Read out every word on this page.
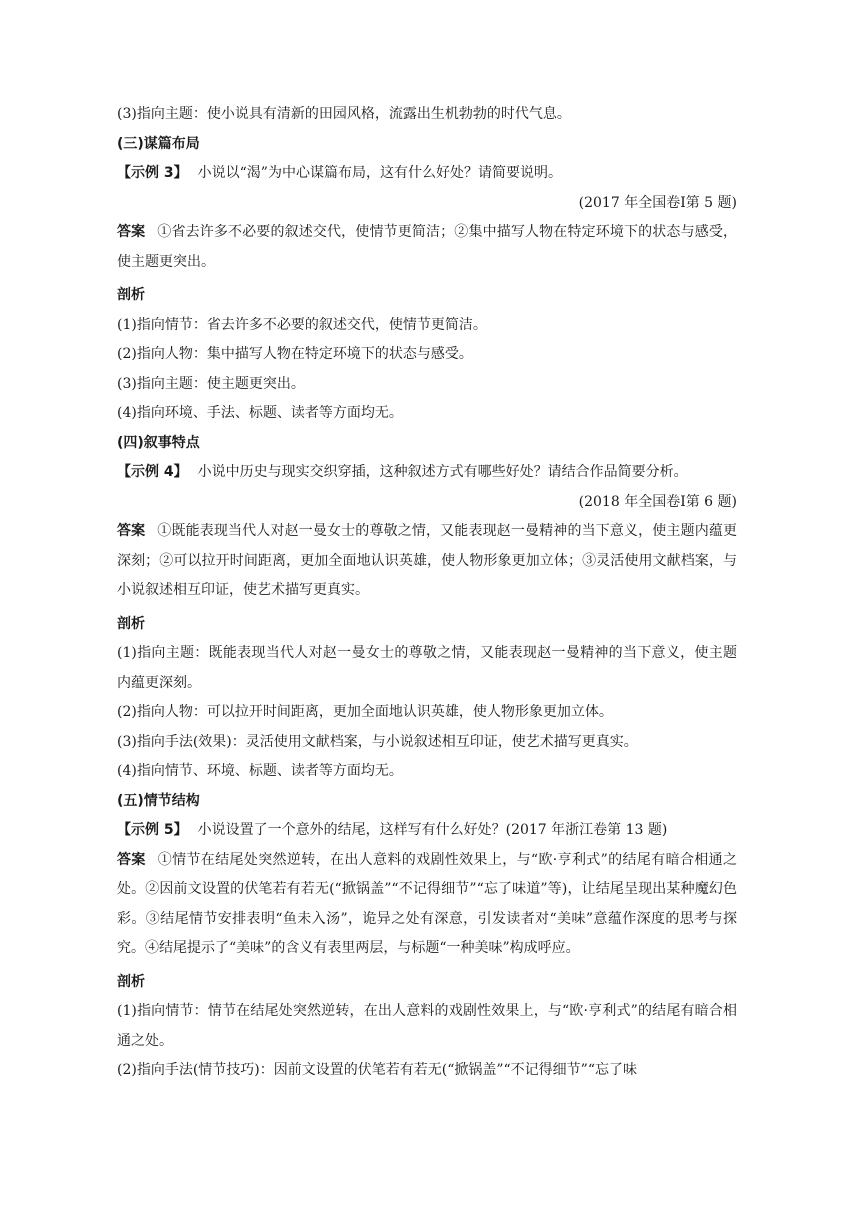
(3)指向主题：使小说具有清新的田园风格，流露出生机勃勃的时代气息。
(三)谋篇布局
【示例 3】 小说以“渴”为中心谋篇布局，这有什么好处？请简要说明。
(2017 年全国卷Ⅰ第 5 题)
答案 ①省去许多不必要的叙述交代，使情节更简洁；②集中描写人物在特定环境下的状态与感受，使主题更突出。
剖析
(1)指向情节：省去许多不必要的叙述交代，使情节更简洁。
(2)指向人物：集中描写人物在特定环境下的状态与感受。
(3)指向主题：使主题更突出。
(4)指向环境、手法、标题、读者等方面均无。
(四)叙事特点
【示例 4】 小说中历史与现实交织穿插，这种叙述方式有哪些好处？请结合作品简要分析。
(2018 年全国卷Ⅰ第 6 题)
答案 ①既能表现当代人对赵一曼女士的尊敬之情，又能表现赵一曼精神的当下意义，使主题内蕴更深刻；②可以拉开时间距离，更加全面地认识英雄，使人物形象更加立体；③灵活使用文献档案，与小说叙述相互印证，使艺术描写更真实。
剖析
(1)指向主题：既能表现当代人对赵一曼女士的尊敬之情，又能表现赵一曼精神的当下意义，使主题内蕴更深刻。
(2)指向人物：可以拉开时间距离，更加全面地认识英雄，使人物形象更加立体。
(3)指向手法(效果)：灵活使用文献档案，与小说叙述相互印证，使艺术描写更真实。
(4)指向情节、环境、标题、读者等方面均无。
(五)情节结构
【示例 5】 小说设置了一个意外的结尾，这样写有什么好处？(2017 年浙江卷第 13 题)
答案 ①情节在结尾处突然逆转，在出人意料的戏剧性效果上，与“欧·亨利式”的结尾有暗合相通之处。②因前文设置的伏笔若有若无(“掀锅盖”“不记得细节”“忘了味道”等)，让结尾呈现出某种魔幻色彩。③结尾情节安排表明“鱼未入汤”，诡异之处有深意，引发读者对“美味”意蕴作深度的思考与探究。④结尾提示了“美味”的含义有表里两层，与标题“一种美味”构成呼应。
剖析
(1)指向情节：情节在结尾处突然逆转，在出人意料的戏剧性效果上，与“欧·亨利式”的结尾有暗合相通之处。
(2)指向手法(情节技巧)：因前文设置的伏笔若有若无(“掀锅盖”“不记得细节”“忘了味
